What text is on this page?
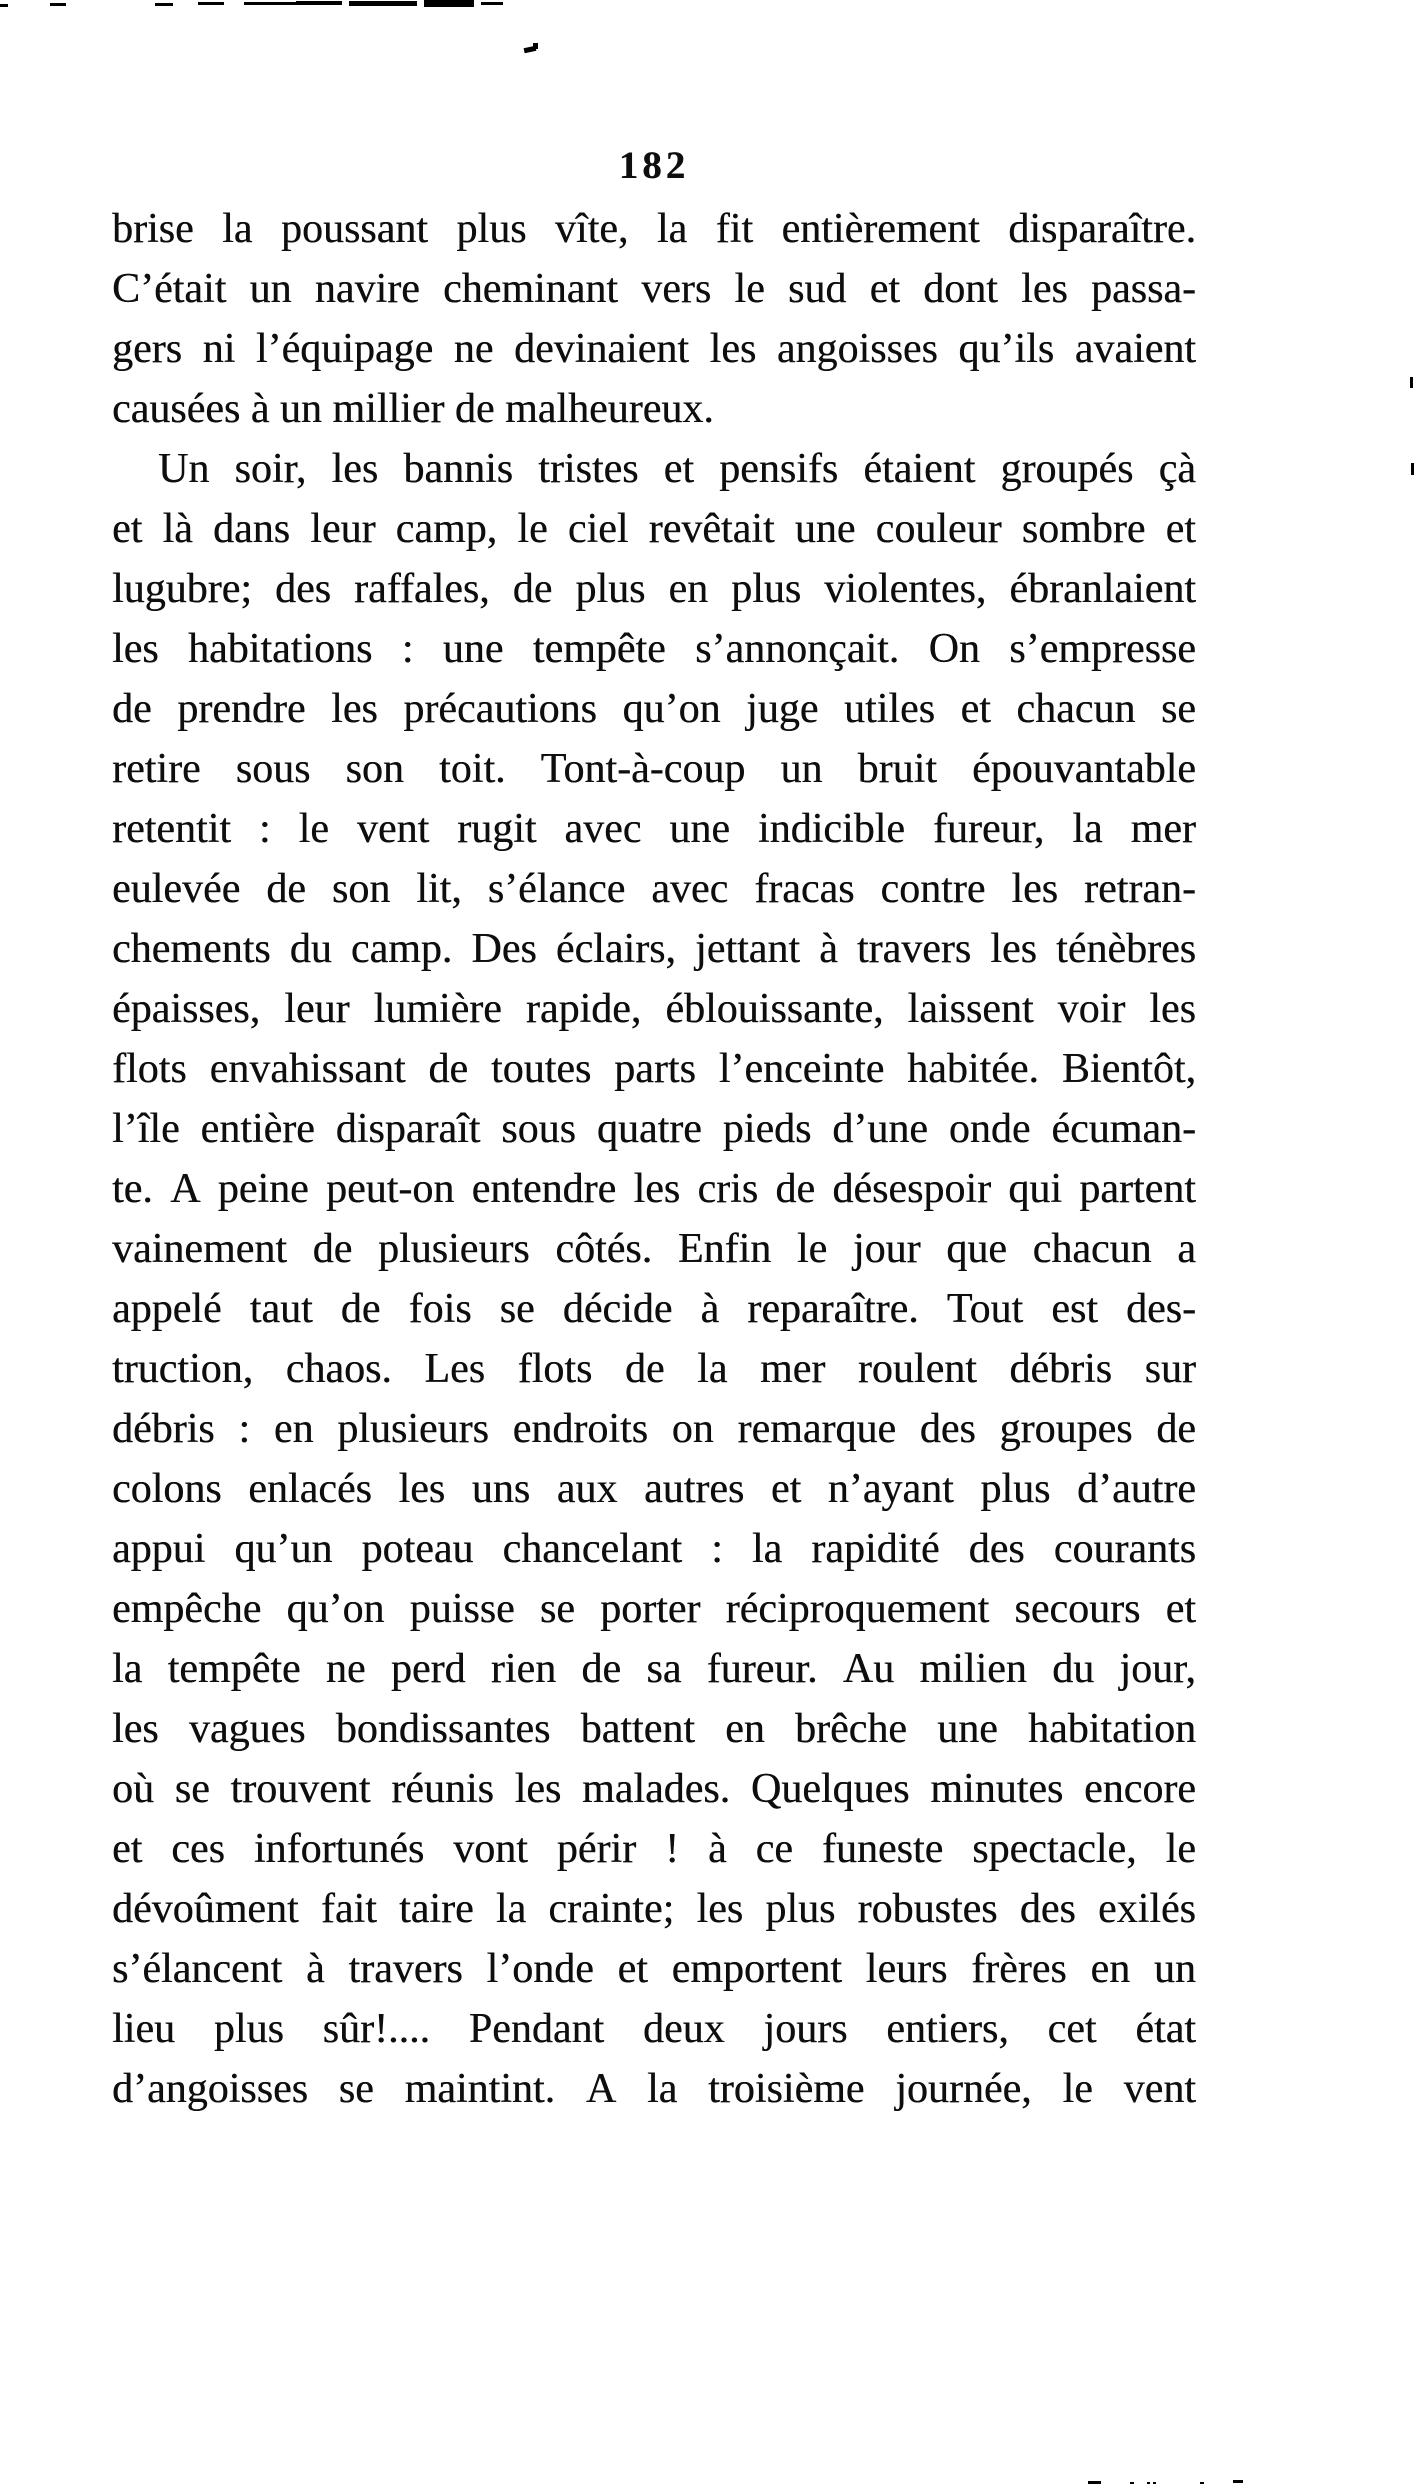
182
brise la poussant plus vîte, la fit entièrement disparaître.
C’était un navire cheminant vers le sud et dont les passa-
gers ni l’équipage ne devinaient les angoisses qu’ils avaient
causées à un millier de malheureux.
Un soir, les bannis tristes et pensifs étaient groupés çà
et là dans leur camp, le ciel revêtait une couleur sombre et
lugubre; des raffales, de plus en plus violentes, ébranlaient
les habitations : une tempête s’annonçait. On s’empresse
de prendre les précautions qu’on juge utiles et chacun se
retire sous son toit. Tont-à-coup un bruit épouvantable
retentit : le vent rugit avec une indicible fureur, la mer
eulevée de son lit, s’élance avec fracas contre les retran-
chements du camp. Des éclairs, jettant à travers les ténèbres
épaisses, leur lumière rapide, éblouissante, laissent voir les
flots envahissant de toutes parts l’enceinte habitée. Bientôt,
l’île entière disparaît sous quatre pieds d’une onde écuman-
te. A peine peut-on entendre les cris de désespoir qui partent
vainement de plusieurs côtés. Enfin le jour que chacun a
appelé taut de fois se décide à reparaître. Tout est des-
truction, chaos. Les flots de la mer roulent débris sur
débris : en plusieurs endroits on remarque des groupes de
colons enlacés les uns aux autres et n’ayant plus d’autre
appui qu’un poteau chancelant : la rapidité des courants
empêche qu’on puisse se porter réciproquement secours et
la tempête ne perd rien de sa fureur. Au milien du jour,
les vagues bondissantes battent en brêche une habitation
où se trouvent réunis les malades. Quelques minutes encore
et ces infortunés vont périr ! à ce funeste spectacle, le
dévoûment fait taire la crainte; les plus robustes des exilés
s’élancent à travers l’onde et emportent leurs frères en un
lieu plus sûr!.... Pendant deux jours entiers, cet état
d’angoisses se maintint. A la troisième journée, le vent
